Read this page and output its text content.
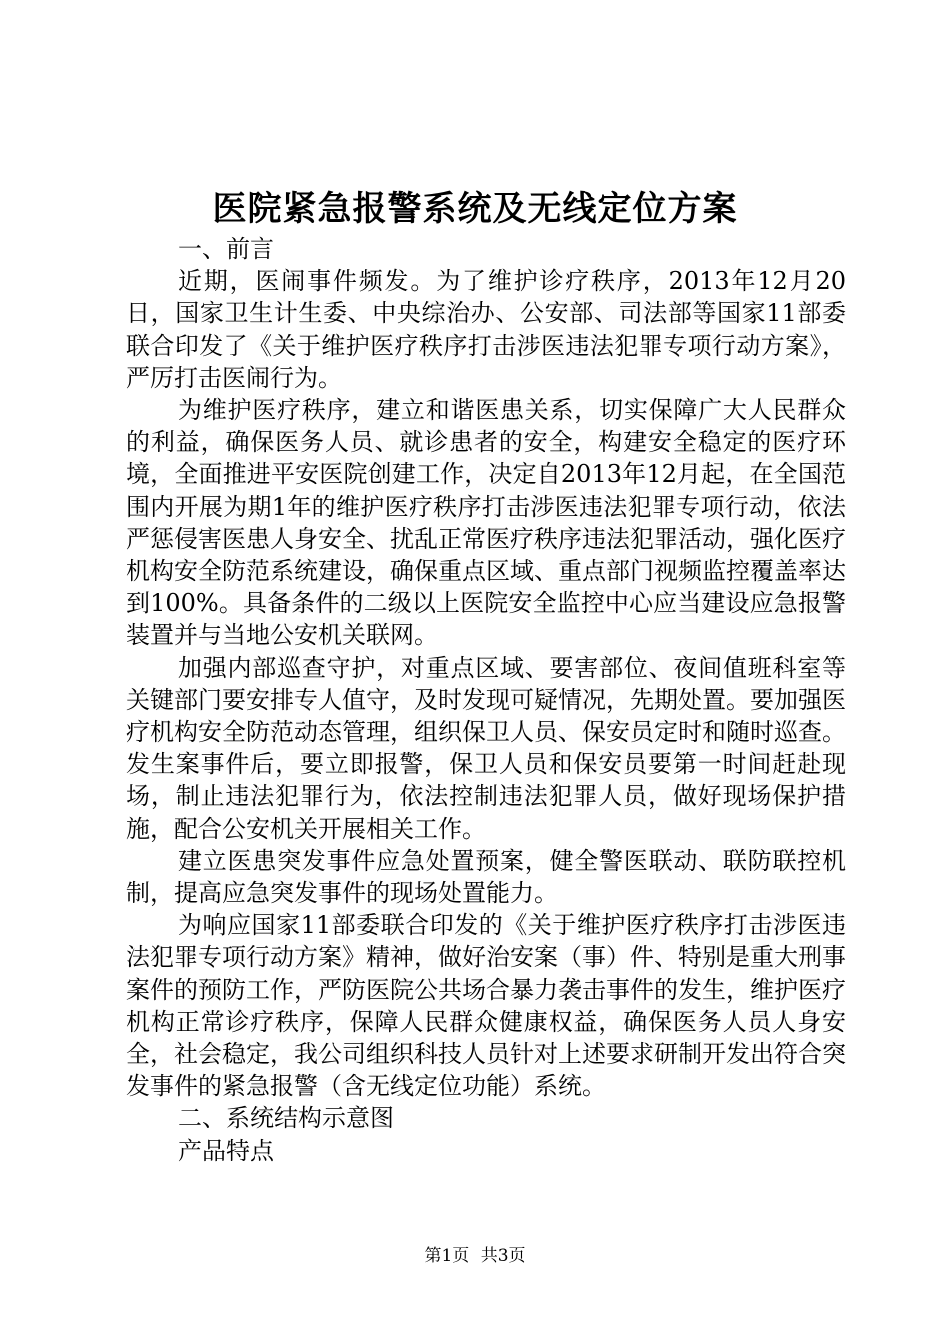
医院紧急报警系统及无线定位方案

一、前言

近期，医闹事件频发。为了维护诊疗秩序，2013年12月20日，国家卫生计生委、中央综治办、公安部、司法部等国家11部委联合印发了《关于维护医疗秩序打击涉医违法犯罪专项行动方案》，严厉打击医闹行为。

为维护医疗秩序，建立和谐医患关系，切实保障广大人民群众的利益，确保医务人员、就诊患者的安全，构建安全稳定的医疗环境，全面推进平安医院创建工作，决定自2013年12月起，在全国范围内开展为期1年的维护医疗秩序打击涉医违法犯罪专项行动，依法严惩侵害医患人身安全、扰乱正常医疗秩序违法犯罪活动，强化医疗机构安全防范系统建设，确保重点区域、重点部门视频监控覆盖率达到100%。具备条件的二级以上医院安全监控中心应当建设应急报警装置并与当地公安机关联网。

加强内部巡查守护，对重点区域、要害部位、夜间值班科室等关键部门要安排专人值守，及时发现可疑情况，先期处置。要加强医疗机构安全防范动态管理，组织保卫人员、保安员定时和随时巡查。发生案事件后，要立即报警，保卫人员和保安员要第一时间赶赴现场，制止违法犯罪行为，依法控制违法犯罪人员，做好现场保护措施，配合公安机关开展相关工作。

建立医患突发事件应急处置预案，健全警医联动、联防联控机制，提高应急突发事件的现场处置能力。

为响应国家11部委联合印发的《关于维护医疗秩序打击涉医违法犯罪专项行动方案》精神，做好治安案（事）件、特别是重大刑事案件的预防工作，严防医院公共场合暴力袭击事件的发生，维护医疗机构正常诊疗秩序，保障人民群众健康权益，确保医务人员人身安全，社会稳定，我公司组织科技人员针对上述要求研制开发出符合突发事件的紧急报警（含无线定位功能）系统。

二、系统结构示意图

产品特点

第1页 共3页
